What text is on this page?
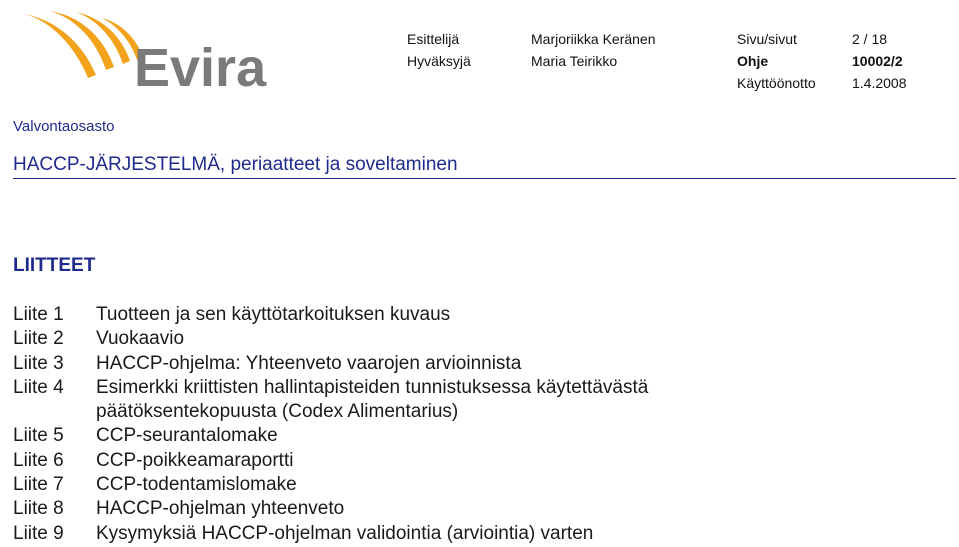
Evira	Esittelijä	Marjoriikka Keränen	Sivu/sivut	2 / 18
Hyväksyjä	Maria Teirikko	Ohje	10002/2
Käyttöönotto	1.4.2008
Valvontaosasto
HACCP-JÄRJESTELMÄ, periaatteet ja soveltaminen
LIITTEET
Liite 1	Tuotteen ja sen käyttötarkoituksen kuvaus
Liite 2	Vuokaavio
Liite 3	HACCP-ohjelma: Yhteenveto vaarojen arvioinnista
Liite 4	Esimerkki kriittisten hallintapisteiden tunnistuksessa käytettävästä
päätöksentekopuusta (Codex Alimentarius)
Liite 5	CCP-seurantalomake
Liite 6	CCP-poikkeamaraportti
Liite 7	CCP-todentamislomake
Liite 8	HACCP-ohjelman yhteenveto
Liite 9	Kysymyksiä HACCP-ohjelman validointia (arviointia) varten
